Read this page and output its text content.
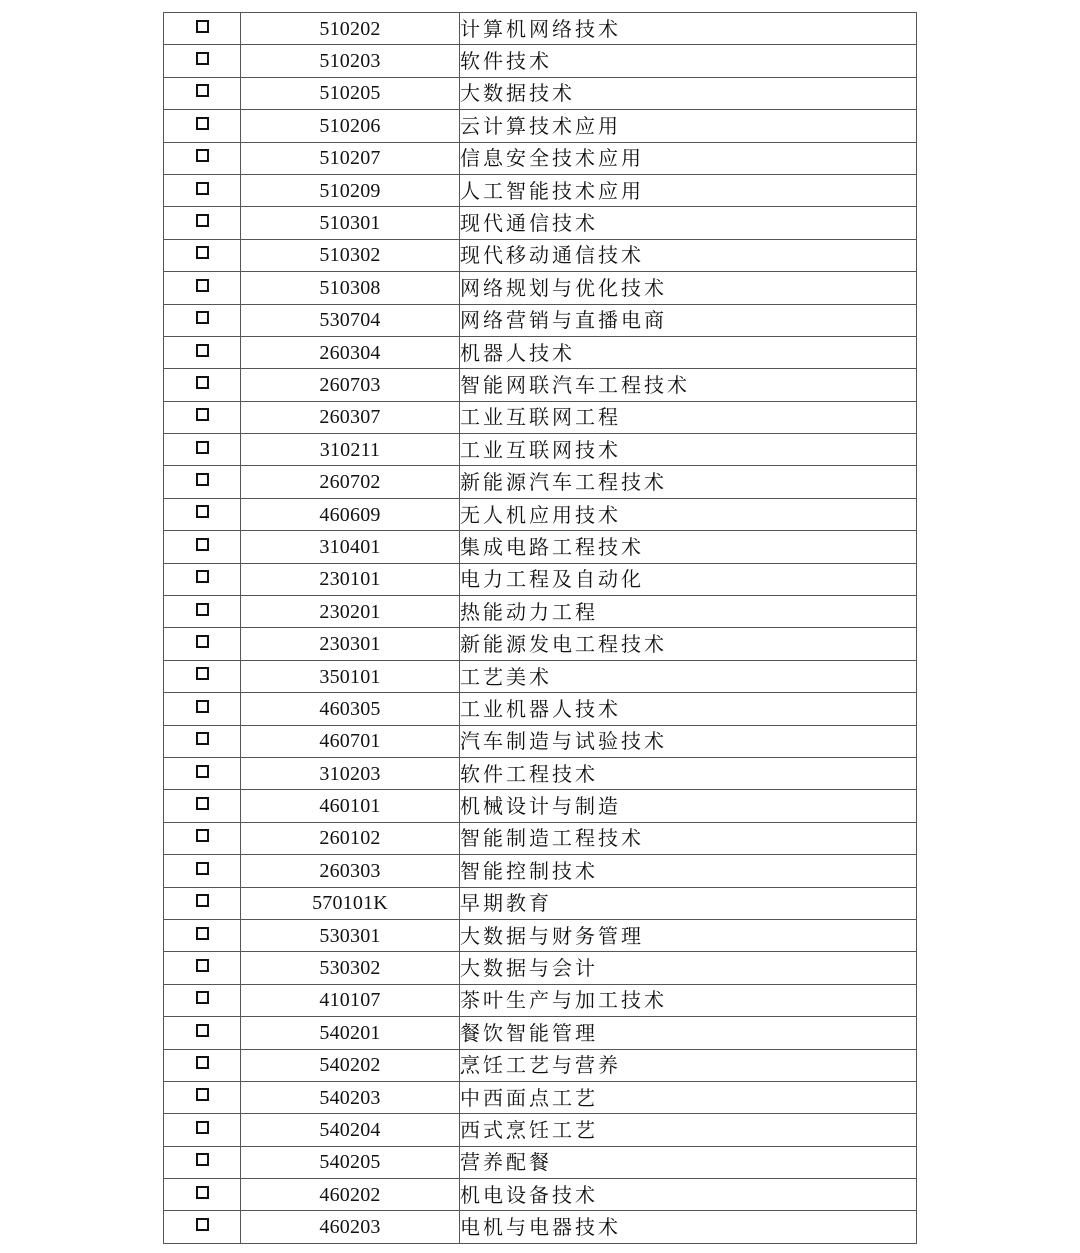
	510202	计算机网络技术
	510203	软件技术
	510205	大数据技术
	510206	云计算技术应用
	510207	信息安全技术应用
	510209	人工智能技术应用
	510301	现代通信技术
	510302	现代移动通信技术
	510308	网络规划与优化技术
	530704	网络营销与直播电商
	260304	机器人技术
	260703	智能网联汽车工程技术
	260307	工业互联网工程
	310211	工业互联网技术
	260702	新能源汽车工程技术
	460609	无人机应用技术
	310401	集成电路工程技术
	230101	电力工程及自动化
	230201	热能动力工程
	230301	新能源发电工程技术
	350101	工艺美术
	460305	工业机器人技术
	460701	汽车制造与试验技术
	310203	软件工程技术
	460101	机械设计与制造
	260102	智能制造工程技术
	260303	智能控制技术
	570101K	早期教育
	530301	大数据与财务管理
	530302	大数据与会计
	410107	茶叶生产与加工技术
	540201	餐饮智能管理
	540202	烹饪工艺与营养
	540203	中西面点工艺
	540204	西式烹饪工艺
	540205	营养配餐
	460202	机电设备技术
	460203	电机与电器技术
